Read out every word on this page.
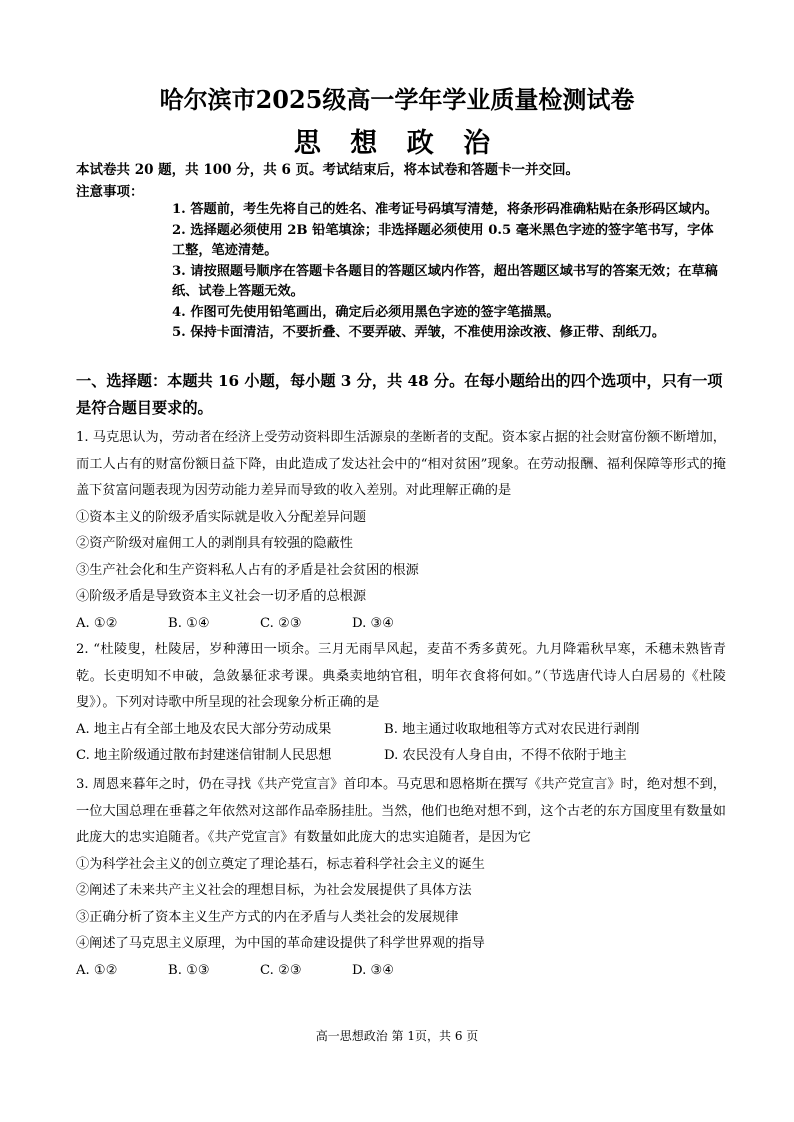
哈尔滨市2025级高一学年学业质量检测试卷
思 想 政 治
本试卷共 20 题，共 100 分，共 6 页。考试结束后，将本试卷和答题卡一并交回。
注意事项：

1. 答题前，考生先将自己的姓名、准考证号码填写清楚，将条形码准确粘贴在条形码区域内。

2. 选择题必须使用 2B 铅笔填涂；非选择题必须使用 0.5 毫米黑色字迹的签字笔书写，字体工整，笔迹清楚。

3. 请按照题号顺序在答题卡各题目的答题区域内作答，超出答题区域书写的答案无效；在草稿纸、试卷上答题无效。

4. 作图可先使用铅笔画出，确定后必须用黑色字迹的签字笔描黑。

5. 保持卡面清洁，不要折叠、不要弄破、弄皱，不准使用涂改液、修正带、刮纸刀。

一、选择题：本题共 16 小题，每小题 3 分，共 48 分。在每小题给出的四个选项中，只有一项是符合题目要求的。

1. 马克思认为，劳动者在经济上受劳动资料即生活源泉的垄断者的支配。资本家占据的社会财富份额不断增加，而工人占有的财富份额日益下降，由此造成了发达社会中的“相对贫困”现象。在劳动报酬、福利保障等形式的掩盖下贫富问题表现为因劳动能力差异而导致的收入差别。对此理解正确的是

①资本主义的阶级矛盾实际就是收入分配差异问题

②资产阶级对雇佣工人的剥削具有较强的隐蔽性

③生产社会化和生产资料私人占有的矛盾是社会贫困的根源

④阶级矛盾是导致资本主义社会一切矛盾的总根源

A. ①②	B. ①④	C. ②③	D. ③④

2. “杜陵叟，杜陵居，岁种薄田一顷余。三月无雨旱风起，麦苗不秀多黄死。九月降霜秋早寒，禾穗未熟皆青乾。长吏明知不申破，急敛暴征求考课。典桑卖地纳官租，明年衣食将何如。”（节选唐代诗人白居易的《杜陵叟》）。下列对诗歌中所呈现的社会现象分析正确的是

A. 地主占有全部土地及农民大部分劳动成果	B. 地主通过收取地租等方式对农民进行剥削

C. 地主阶级通过散布封建迷信钳制人民思想	D. 农民没有人身自由，不得不依附于地主

3. 周恩来暮年之时，仍在寻找《共产党宣言》首印本。马克思和恩格斯在撰写《共产党宣言》时，绝对想不到，一位大国总理在垂暮之年依然对这部作品牵肠挂肚。当然，他们也绝对想不到，这个古老的东方国度里有数量如此庞大的忠实追随者。《共产党宣言》有数量如此庞大的忠实追随者，是因为它

①为科学社会主义的创立奠定了理论基石，标志着科学社会主义的诞生

②阐述了未来共产主义社会的理想目标，为社会发展提供了具体方法

③正确分析了资本主义生产方式的内在矛盾与人类社会的发展规律

④阐述了马克思主义原理，为中国的革命建设提供了科学世界观的指导

A. ①②	B. ①③	C. ②③	D. ③④

高一思想政治 第 1页，共 6 页
